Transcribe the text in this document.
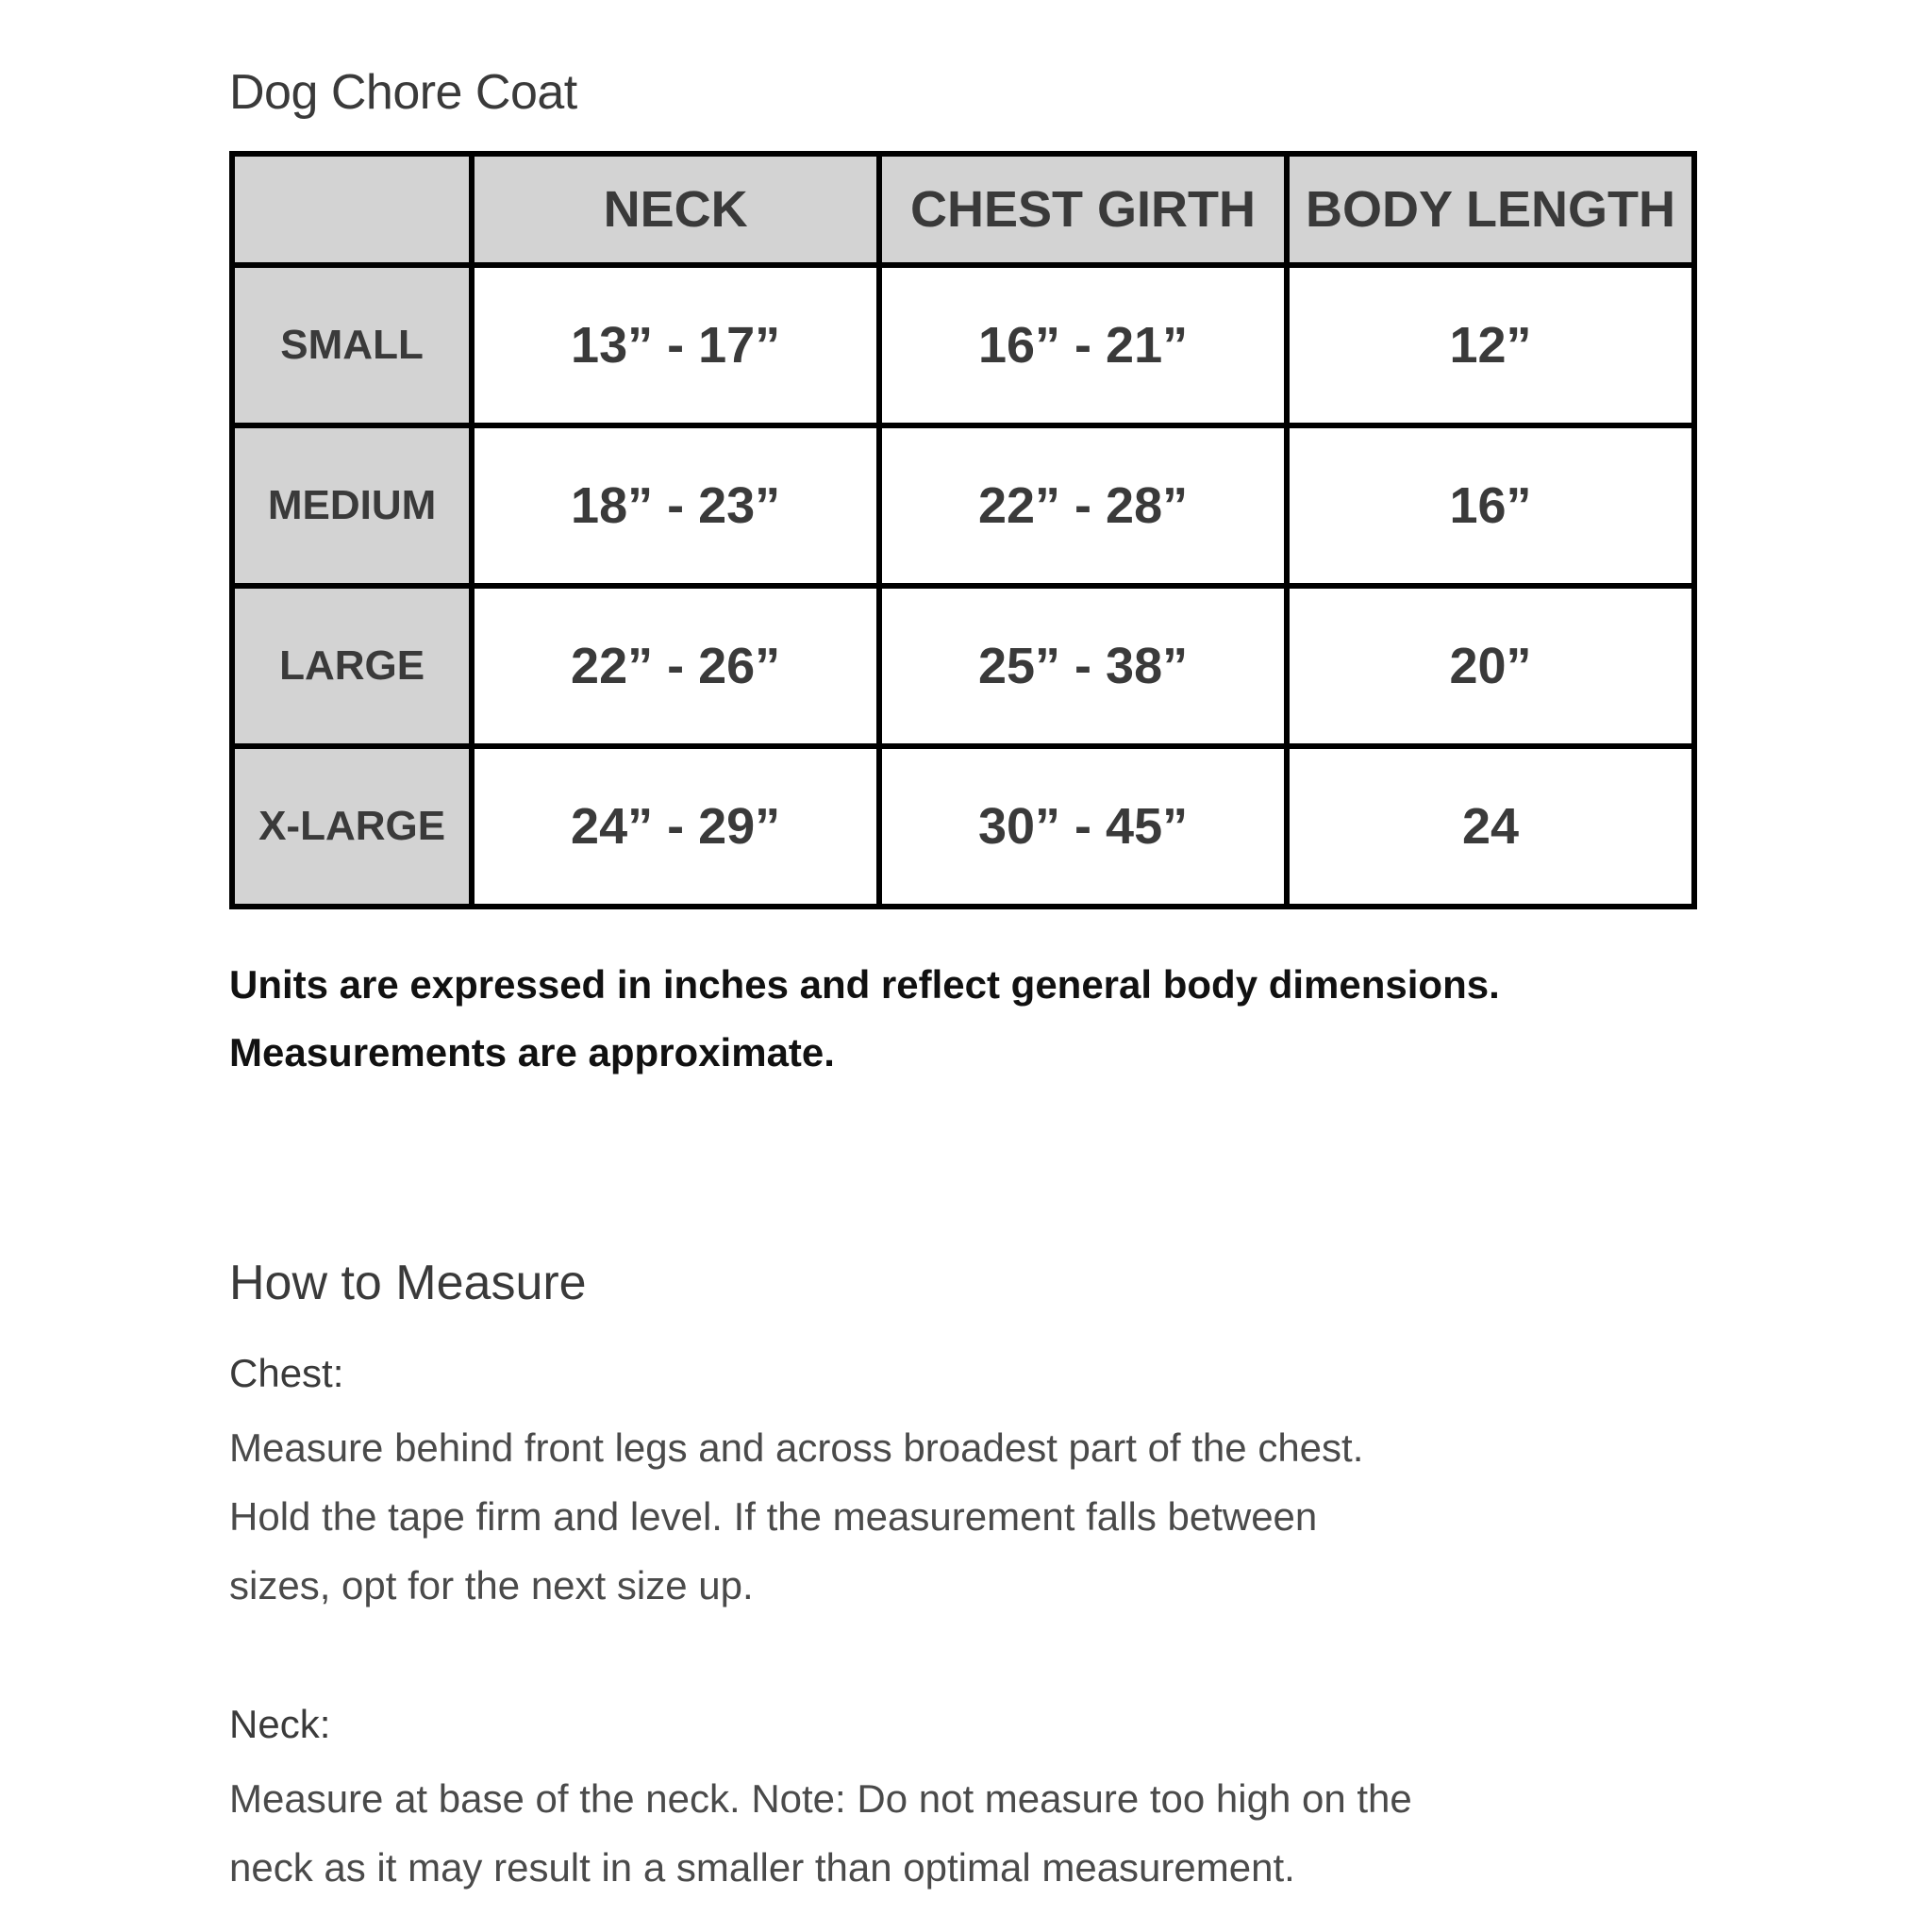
Dog Chore Coat
	NECK	CHEST GIRTH	BODY LENGTH
SMALL	13” - 17”	16” - 21”	12”
MEDIUM	18” - 23”	22” - 28”	16”
LARGE	22” - 26”	25” - 38”	20”
X-LARGE	24” - 29”	30” - 45”	24

Units are expressed in inches and reflect general body dimensions.
Measurements are approximate.

How to Measure
Chest:

Measure behind front legs and across broadest part of the chest.
Hold the tape firm and level. If the measurement falls between
sizes, opt for the next size up.

Neck:

Measure at base of the neck. Note: Do not measure too high on the
neck as it may result in a smaller than optimal measurement.
